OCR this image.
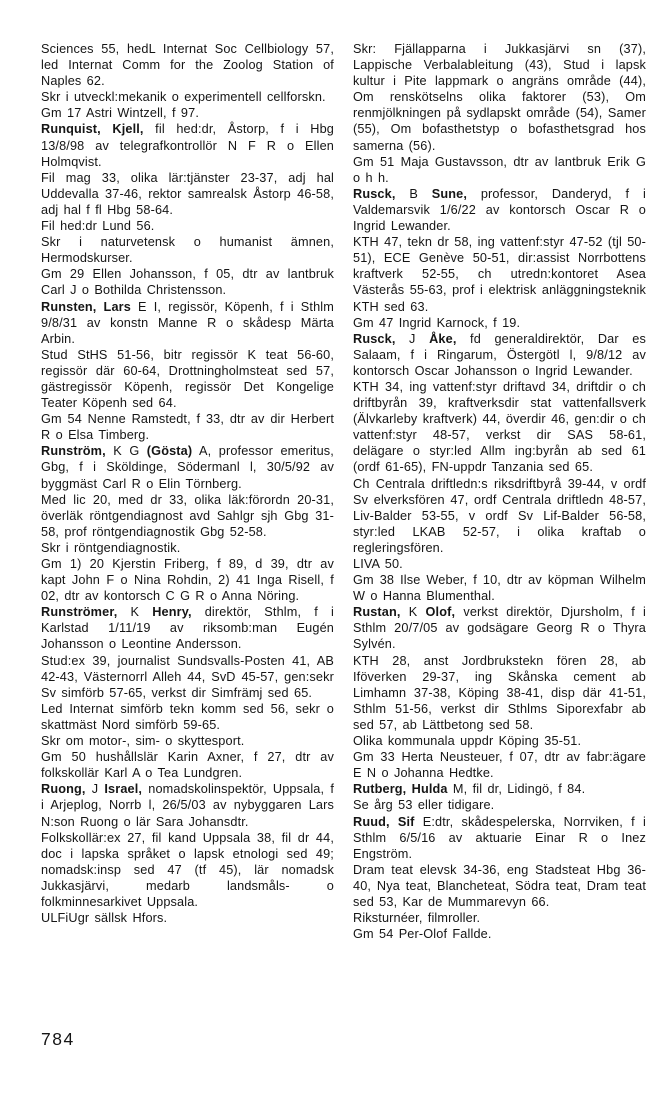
Sciences 55, hedL Internat Soc Cellbiology 57, led Internat Comm for the Zoolog Station of Naples 62.

Skr i utveckl:mekanik o experimentell cellforskn.

Gm 17 Astri Wintzell, f 97.

Runquist, Kjell, fil hed:dr, Åstorp, f i Hbg 13/8/98 av telegrafkontrollör N F R o Ellen Holmqvist.

Fil mag 33, olika lär:tjänster 23-37, adj hal Uddevalla 37-46, rektor samrealsk Åstorp 46-58, adj hal f fl Hbg 58-64.

Fil hed:dr Lund 56.

Skr i naturvetensk o humanist ämnen, Hermodskurser.

Gm 29 Ellen Johansson, f 05, dtr av lantbruk Carl J o Bothilda Christensson.

Runsten, Lars E I, regissör, Köpenh, f i Sthlm 9/8/31 av konstn Manne R o skådesp Märta Arbin.

Stud StHS 51-56, bitr regissör K teat 56-60, regissör där 60-64, Drottningholmsteat sed 57, gästregissör Köpenh, regissör Det Kongelige Teater Köpenh sed 64.

Gm 54 Nenne Ramstedt, f 33, dtr av dir Herbert R o Elsa Timberg.

Runström, K G (Gösta) A, professor emeritus, Gbg, f i Sköldinge, Södermanl l, 30/5/92 av byggmäst Carl R o Elin Törnberg.

Med lic 20, med dr 33, olika läk:förordn 20-31, överläk röntgendiagnost avd Sahlgr sjh Gbg 31-58, prof röntgendiagnostik Gbg 52-58.

Skr i röntgendiagnostik.

Gm 1) 20 Kjerstin Friberg, f 89, d 39, dtr av kapt John F o Nina Rohdin, 2) 41 Inga Risell, f 02, dtr av kontorsch C G R o Anna Nöring.

Runströmer, K Henry, direktör, Sthlm, f i Karlstad 1/11/19 av riksomb:man Eugén Johansson o Leontine Andersson.

Stud:ex 39, journalist Sundsvalls-Posten 41, AB 42-43, Västernorrl Alleh 44, SvD 45-57, gen:sekr Sv simförb 57-65, verkst dir Simfrämj sed 65.

Led Internat simförb tekn komm sed 56, sekr o skattmäst Nord simförb 59-65.

Skr om motor-, sim- o skyttesport.

Gm 50 hushållslär Karin Axner, f 27, dtr av folkskollär Karl A o Tea Lundgren.

Ruong, J Israel, nomadskolinspektör, Uppsala, f i Arjeplog, Norrb l, 26/5/03 av nybyggaren Lars N:son Ruong o lär Sara Johansdtr.

Folkskollär:ex 27, fil kand Uppsala 38, fil dr 44, doc i lapska språket o lapsk etnologi sed 49; nomadsk:insp sed 47 (tf 45), lär nomadsk Jukkasjärvi, medarb landsmåls- o folkminnesarkivet Uppsala.

ULFiUgr sällsk Hfors.

Skr: Fjällapparna i Jukkasjärvi sn (37), Lappische Verbalableitung (43), Stud i lapsk kultur i Pite lappmark o angräns område (44), Om renskötselns olika faktorer (53), Om renmjölkningen på sydlapskt område (54), Samer (55), Om bofasthetstyp o bofasthetsgrad hos samerna (56).

Gm 51 Maja Gustavsson, dtr av lantbruk Erik G o h h.

Rusck, B Sune, professor, Danderyd, f i Valdemarsvik 1/6/22 av kontorsch Oscar R o Ingrid Lewander.

KTH 47, tekn dr 58, ing vattenf:styr 47-52 (tjl 50-51), ECE Genève 50-51, dir:assist Norrbottens kraftverk 52-55, ch utredn:kontoret Asea Västerås 55-63, prof i elektrisk anläggningsteknik KTH sed 63.

Gm 47 Ingrid Karnock, f 19.

Rusck, J Åke, fd generaldirektör, Dar es Salaam, f i Ringarum, Östergötl l, 9/8/12 av kontorsch Oscar Johansson o Ingrid Lewander.

KTH 34, ing vattenf:styr driftavd 34, driftdir o ch driftbyrån 39, kraftverksdir stat vattenfallsverk (Älvkarleby kraftverk) 44, överdir 46, gen:dir o ch vattenf:styr 48-57, verkst dir SAS 58-61, delägare o styr:led Allm ing:byrån ab sed 61 (ordf 61-65), FN-uppdr Tanzania sed 65.

Ch Centrala driftledn:s riksdriftbyrå 39-44, v ordf Sv elverksfören 47, ordf Centrala driftledn 48-57, Liv-Balder 53-55, v ordf Sv Lif-Balder 56-58, styr:led LKAB 52-57, i olika kraftab o regleringsfören.

LIVA 50.

Gm 38 Ilse Weber, f 10, dtr av köpman Wilhelm W o Hanna Blumenthal.

Rustan, K Olof, verkst direktör, Djursholm, f i Sthlm 20/7/05 av godsägare Georg R o Thyra Sylvén.

KTH 28, anst Jordbrukstekn fören 28, ab Iföverken 29-37, ing Skånska cement ab Limhamn 37-38, Köping 38-41, disp där 41-51, Sthlm 51-56, verkst dir Sthlms Siporexfabr ab sed 57, ab Lättbetong sed 58.

Olika kommunala uppdr Köping 35-51.

Gm 33 Herta Neusteuer, f 07, dtr av fabr:ägare E N o Johanna Hedtke.

Rutberg, Hulda M, fil dr, Lidingö, f 84.

Se årg 53 eller tidigare.

Ruud, Sif E:dtr, skådespelerska, Norrviken, f i Sthlm 6/5/16 av aktuarie Einar R o Inez Engström.

Dram teat elevsk 34-36, eng Stadsteat Hbg 36-40, Nya teat, Blancheteat, Södra teat, Dram teat sed 53, Kar de Mummarevyn 66.

Riksturnéer, filmroller.

Gm 54 Per-Olof Fallde.

784
